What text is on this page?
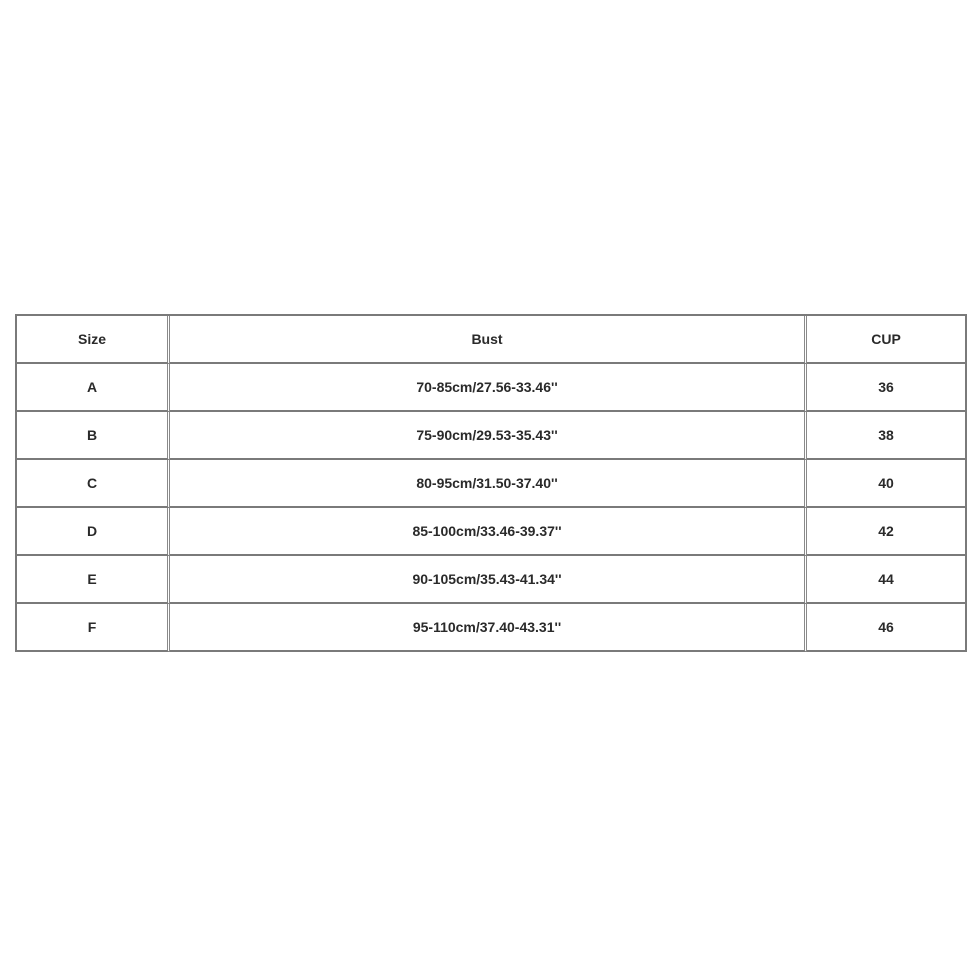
Size	Bust	CUP
A	70-85cm/27.56-33.46''	36
B	75-90cm/29.53-35.43''	38
C	80-95cm/31.50-37.40''	40
D	85-100cm/33.46-39.37''	42
E	90-105cm/35.43-41.34''	44
F	95-110cm/37.40-43.31''	46
